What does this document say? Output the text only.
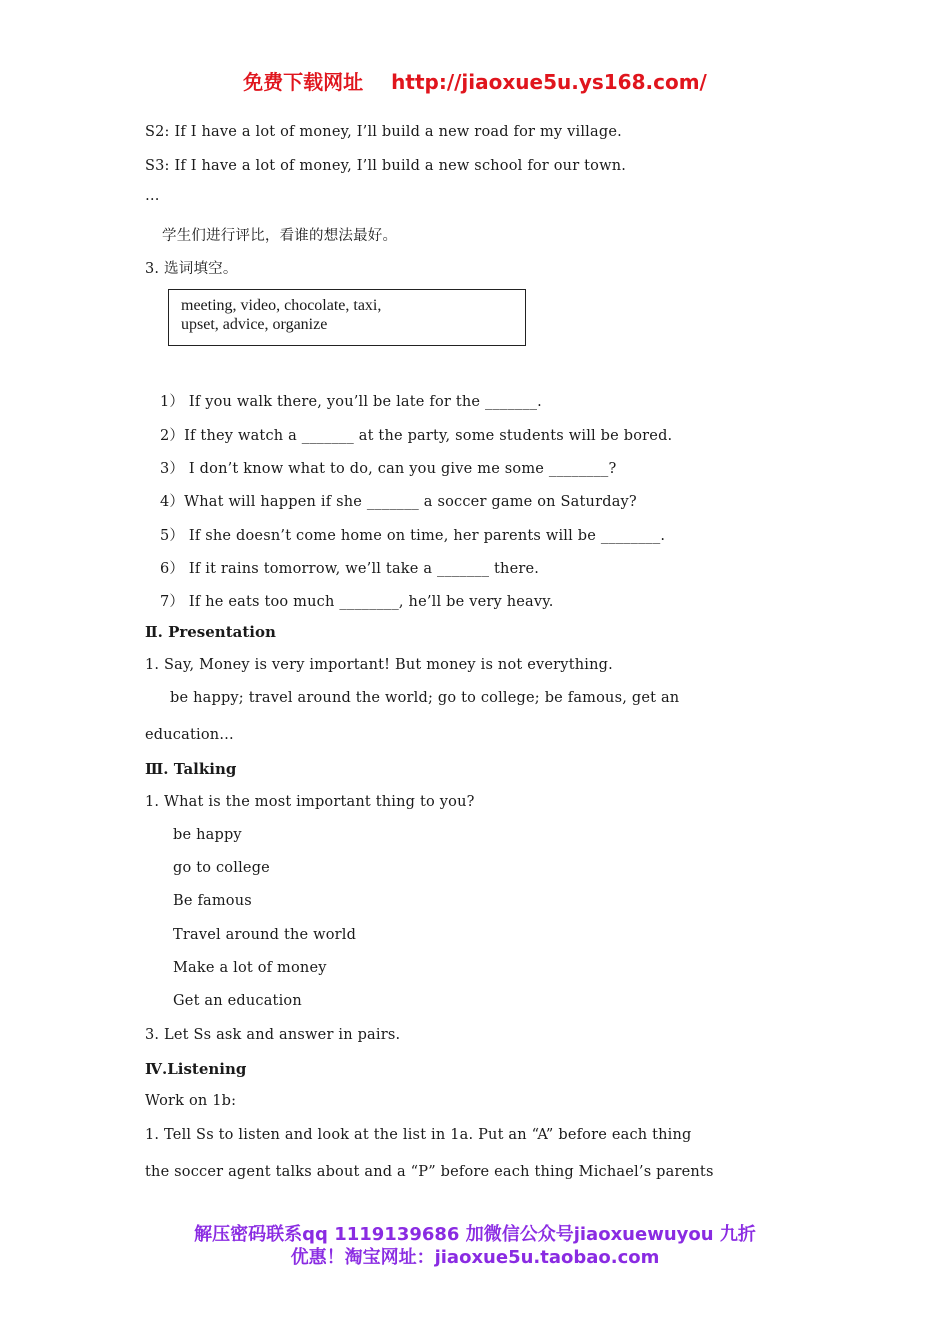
免费下载网址 http://jiaoxue5u.ys168.com/
S2: If I have a lot of money, I’ll build a new road for my village.
S3: If I have a lot of money, I’ll build a new school for our town.
…
学生们进行评比，看谁的想法最好。
3. 选词填空。
meeting, video, chocolate, taxi,
upset, advice, organize
1） If you walk there, you’ll be late for the _______.
2）If they watch a _______ at the party, some students will be bored.
3） I don’t know what to do, can you give me some ________?
4）What will happen if she _______ a soccer game on Saturday?
5） If she doesn’t come home on time, her parents will be ________.
6） If it rains tomorrow, we’ll take a _______ there.
7） If he eats too much ________, he’ll be very heavy.
Ⅱ. Presentation
1. Say, Money is very important! But money is not everything.
be happy; travel around the world; go to college; be famous, get an
education…
Ⅲ. Talking
1. What is the most important thing to you?
be happy
go to college
Be famous
Travel around the world
Make a lot of money
Get an education
3. Let Ss ask and answer in pairs.
Ⅳ.Listening
Work on 1b:
1. Tell Ss to listen and look at the list in 1a. Put an “A” before each thing
the soccer agent talks about and a “P” before each thing Michael’s parents
解压密码联系qq 1119139686 加微信公众号jiaoxuewuyou 九折
优惠！淘宝网址：jiaoxue5u.taobao.com
